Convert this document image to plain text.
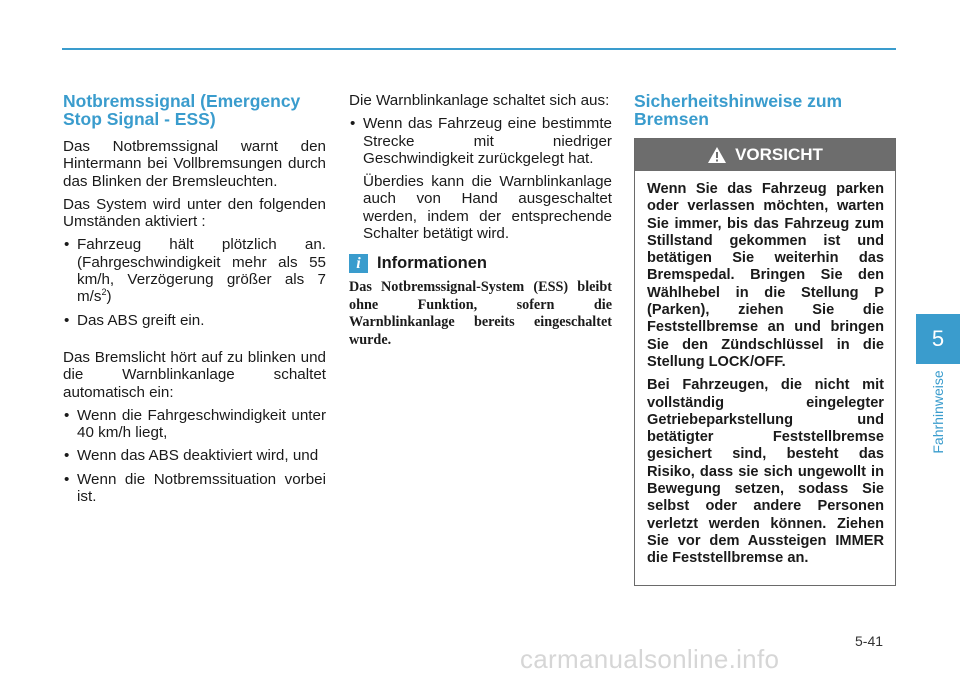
Notbremssignal (Emergency Stop Signal - ESS)

Das Notbremssignal warnt den Hintermann bei Vollbremsungen durch das Blinken der Bremsleuchten.

Das System wird unter den folgenden Umständen aktiviert :

• Fahrzeug hält plötzlich an. (Fahrgeschwindigkeit mehr als 55 km/h, Verzögerung größer als 7 $m/s^2$)
• Das ABS greift ein.

Das Bremslicht hört auf zu blinken und die Warnblinkanlage schaltet automatisch ein:

• Wenn die Fahrgeschwindigkeit unter 40 km/h liegt,
• Wenn das ABS deaktiviert wird, und
• Wenn die Notbremssituation vorbei ist.

Die Warnblinkanlage schaltet sich aus:

• Wenn das Fahrzeug eine bestimmte Strecke mit niedriger Geschwindigkeit zurückgelegt hat.

Überdies kann die Warnblinkanlage auch von Hand ausgeschaltet werden, indem der entsprechende Schalter betätigt wird.

i Informationen

Das Notbremssignal-System (ESS) bleibt ohne Funktion, sofern die Warnblinkanlage bereits eingeschaltet wurde.

Sicherheitshinweise zum Bremsen
VORSICHT

Wenn Sie das Fahrzeug parken oder verlassen möchten, warten Sie immer, bis das Fahrzeug zum Stillstand gekommen ist und betätigen Sie weiterhin das Bremspedal. Bringen Sie den Wählhebel in die Stellung P (Parken), ziehen Sie die Feststellbremse an und bringen Sie den Zündschlüssel in die Stellung LOCK/OFF.

Bei Fahrzeugen, die nicht mit vollständig eingelegter Getriebeparkstellung und betätigter Feststellbremse gesichert sind, besteht das Risiko, dass sie sich ungewollt in Bewegung setzen, sodass Sie selbst oder andere Personen verletzt werden können. Ziehen Sie vor dem Aussteigen IMMER die Feststellbremse an.

5
Fahrhinweise
5-41
carmanualsonline.info
